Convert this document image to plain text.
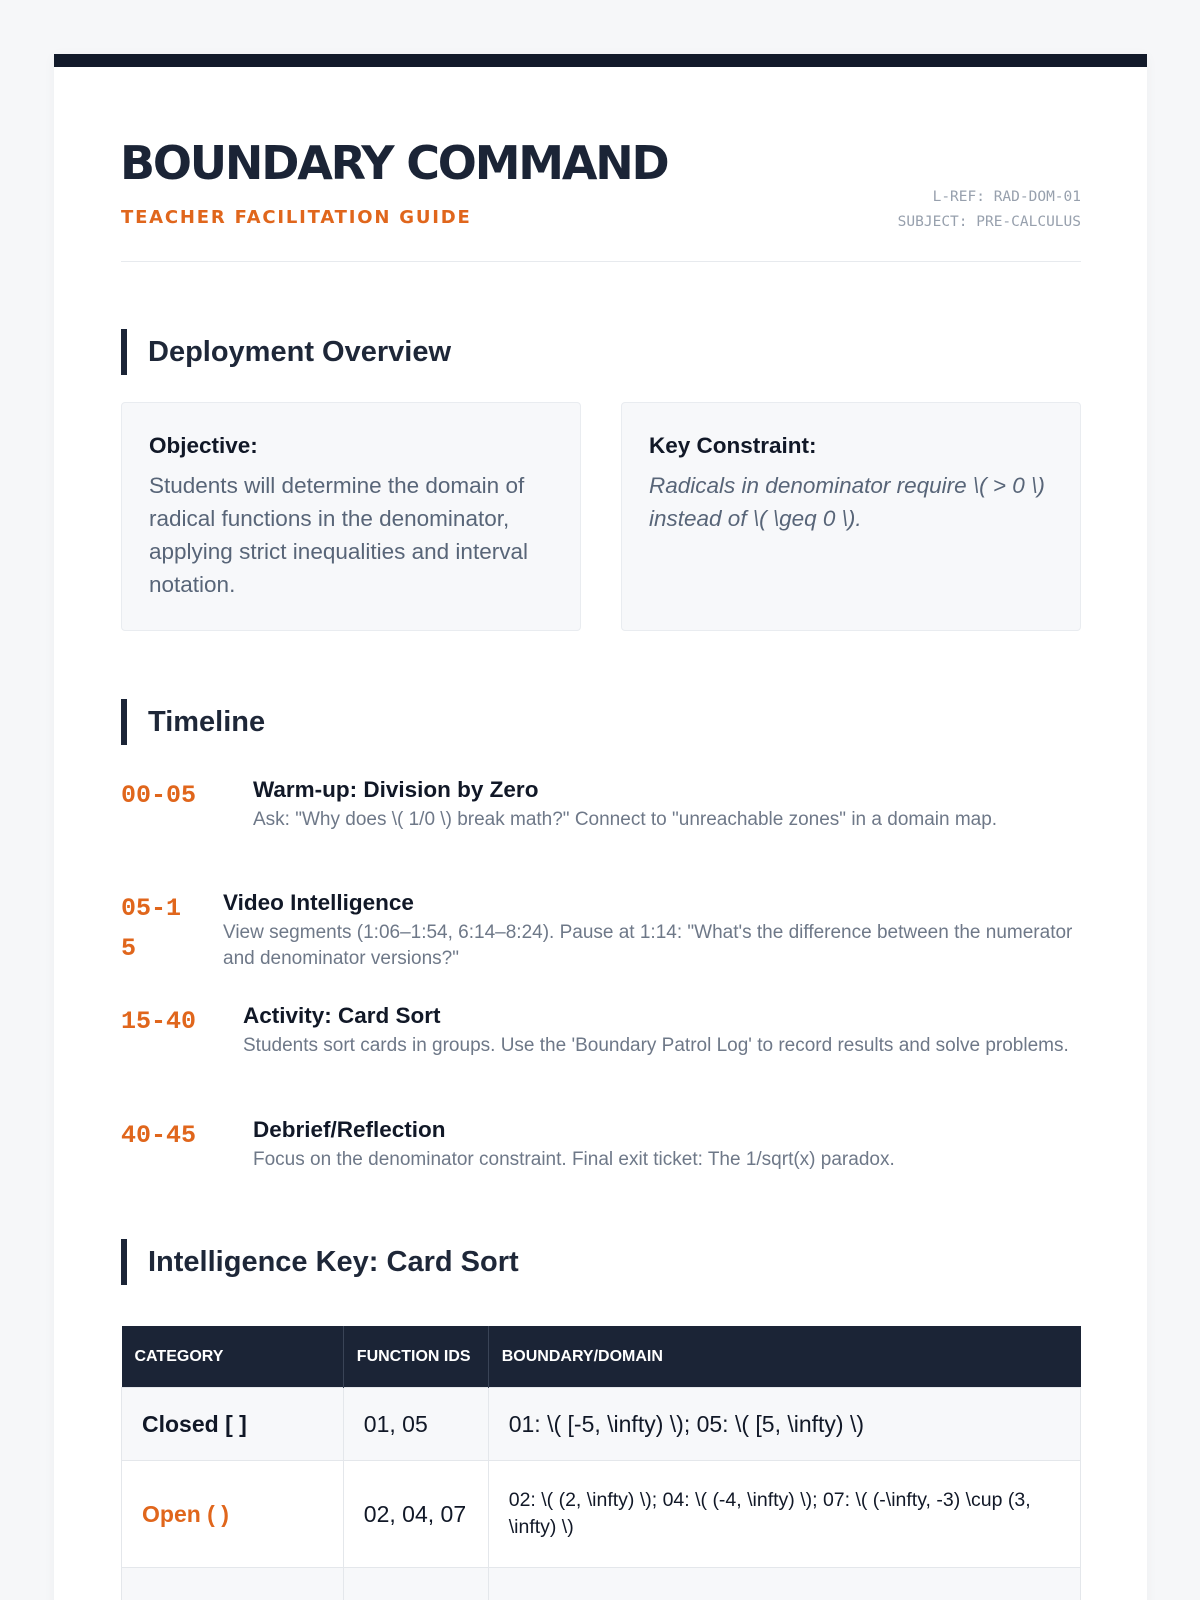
BOUNDARY COMMAND
TEACHER FACILITATION GUIDE
L-REF: RAD-DOM-01
SUBJECT: PRE-CALCULUS
Deployment Overview
Objective:
Students will determine the domain of radical functions in the denominator, applying strict inequalities and interval notation.
Key Constraint:
Radicals in denominator require \( > 0 \) instead of \( \geq 0 \).
Timeline
00-05	Warm-up: Division by Zero
Ask: "Why does \( 1/0 \) break math?" Connect to "unreachable zones" in a domain map.
05-15
Video Intelligence
View segments (1:06–1:54, 6:14–8:24). Pause at 1:14: "What's the difference between the numerator and denominator versions?"
15-40 Activity: Card Sort
Students sort cards in groups. Use the 'Boundary Patrol Log' to record results and solve problems.
40-45	Debrief/Reflection
Focus on the denominator constraint. Final exit ticket: The 1/sqrt(x) paradox.
Intelligence Key: Card Sort
CATEGORY	FUNCTION IDS	BOUNDARY/DOMAIN
Closed [ ]	01, 05	01: \( [-5, \infty) \); 05: \( [5, \infty) \)
Open ( )	02, 04, 07	02: \( (2, \infty) \); 04: \( (-4, \infty) \); 07: \( (-\infty, -3) \cup (3, \infty) \)
